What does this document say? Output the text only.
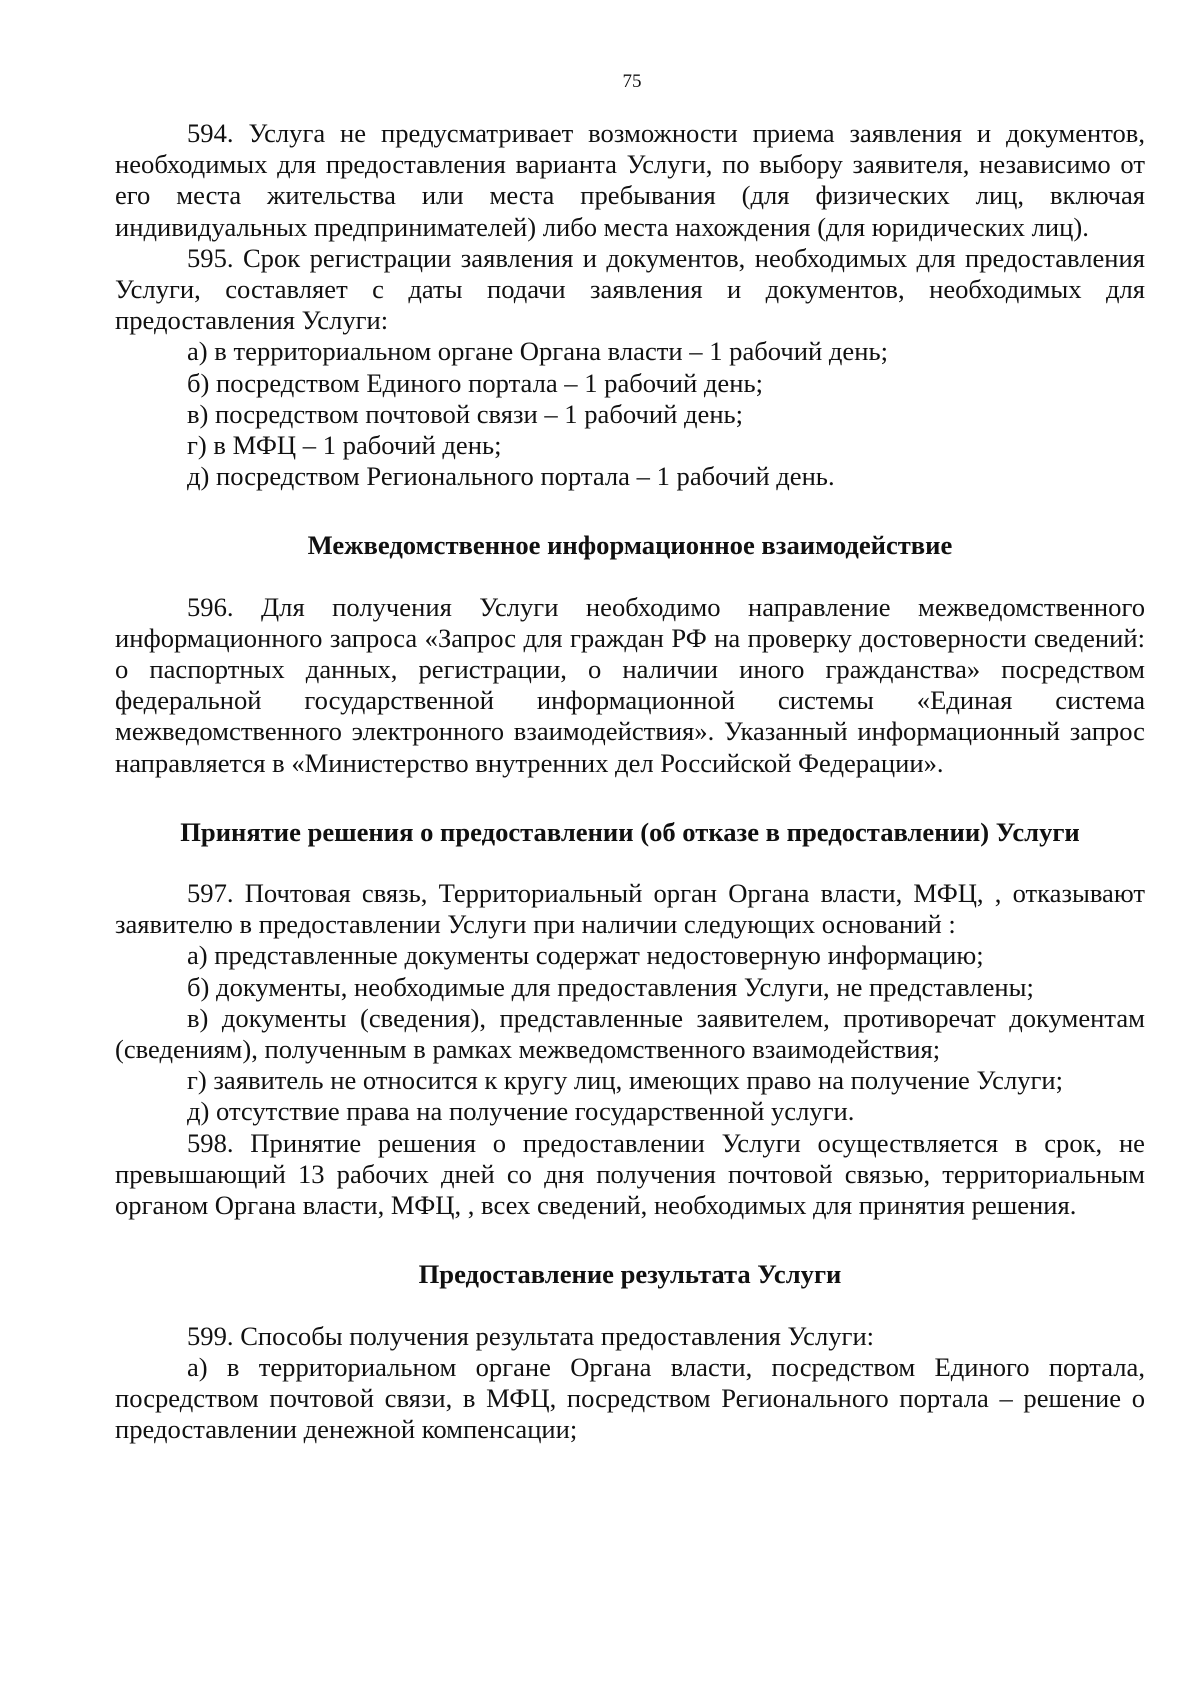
75

594. Услуга не предусматривает возможности приема заявления и документов, необходимых для предоставления варианта Услуги, по выбору заявителя, независимо от его места жительства или места пребывания (для физических лиц, включая индивидуальных предпринимателей) либо места нахождения (для юридических лиц).

595. Срок регистрации заявления и документов, необходимых для предоставления Услуги, составляет с даты подачи заявления и документов, необходимых для предоставления Услуги:

а) в территориальном органе Органа власти – 1 рабочий день;

б) посредством Единого портала – 1 рабочий день;

в) посредством почтовой связи – 1 рабочий день;

г) в МФЦ – 1 рабочий день;

д) посредством Регионального портала – 1 рабочий день.

Межведомственное информационное взаимодействие

596. Для получения Услуги необходимо направление межведомственного информационного запроса «Запрос для граждан РФ на проверку достоверности сведений: о паспортных данных, регистрации, о наличии иного гражданства» посредством федеральной государственной информационной системы «Единая система межведомственного электронного взаимодействия». Указанный информационный запрос направляется в «Министерство внутренних дел Российской Федерации».

Принятие решения о предоставлении (об отказе в предоставлении) Услуги

597. Почтовая связь, Территориальный орган Органа власти, МФЦ, , отказывают заявителю в предоставлении Услуги при наличии следующих оснований :

а) представленные документы содержат недостоверную информацию;

б) документы, необходимые для предоставления Услуги, не представлены;

в) документы (сведения), представленные заявителем, противоречат документам (сведениям), полученным в рамках межведомственного взаимодействия;

г) заявитель не относится к кругу лиц, имеющих право на получение Услуги;

д) отсутствие права на получение государственной услуги.

598. Принятие решения о предоставлении Услуги осуществляется в срок, не превышающий 13 рабочих дней со дня получения почтовой связью, территориальным органом Органа власти, МФЦ, , всех сведений, необходимых для принятия решения.

Предоставление результата Услуги

599. Способы получения результата предоставления Услуги:

а) в территориальном органе Органа власти, посредством Единого портала, посредством почтовой связи, в МФЦ, посредством Регионального портала – решение о предоставлении денежной компенсации;
